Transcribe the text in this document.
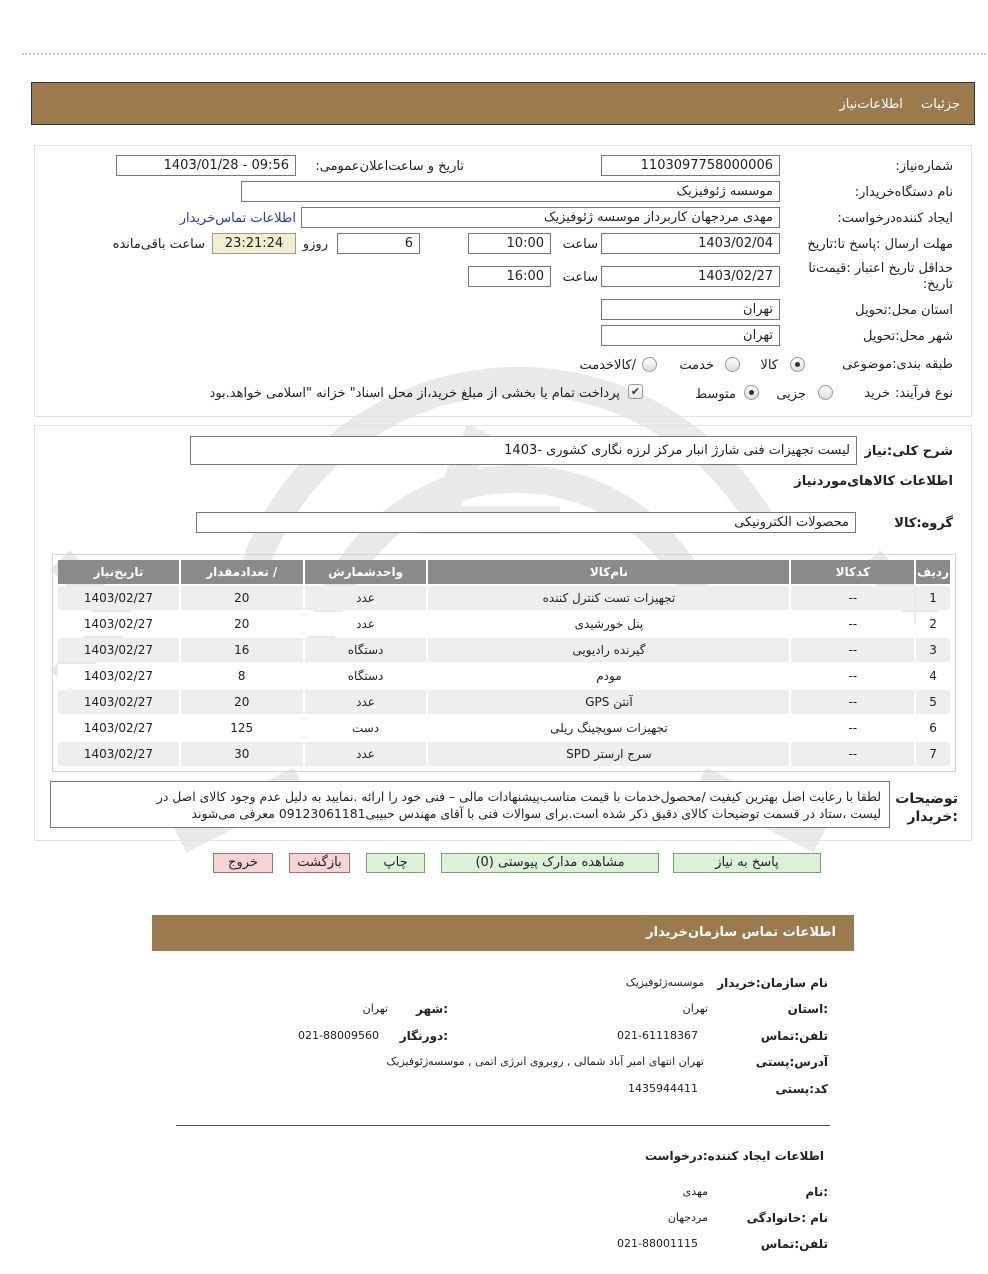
جزئیات اطلاعات‌نیاز
شماره‌نیاز:
1103097758000006
تاریخ و ساعت‌اعلان‌عمومی:
1403/01/28 - 09:56
نام دستگاه‌خریدار:
موسسه ژئوفیزیک
ایجاد کننده‌درخواست:
مهدی مردجهان کاربرداز موسسه ژئوفیزیک
اطلاعات تماس‌خریدار
مهلت ارسال :پاسخ تا:تاریخ
1403/02/04
ساعت
10:00
6
روزو
23:21:24
ساعت باقی‌مانده
حداقل تاریخ اعتبار :قیمت‌تا تاریخ:
1403/02/27
ساعت
16:00
استان محل:تحویل
تهران
شهر محل:تحویل
تهران
طبقه بندی:موضوعی
کالا
خدمت
/کالاخدمت
نوع فرآیند:
خرید
جزیی
متوسط
✔
پرداخت تمام یا بخشی از مبلغ خرید،از محل اسناد" خزانه "اسلامی خواهد.بود
شرح کلی:نیاز
لیست تجهیزات فنی شارژ انبار مرکز لرزه نگاری کشوری -1403
اطلاعات کالاهای‌موردنیاز
گروه:کالا
محصولات الکترونیکی
ردیف	کدکالا	نام‌کالا	واحدشمارش	/ تعدادمقدار	تاریخ‌نیاز
1	--	تجهیزات تست کنترل کننده	عدد	20	1403/02/27
2	--	پنل خورشیدی	عدد	20	1403/02/27
3	--	گیرنده رادیویی	دستگاه	16	1403/02/27
4	--	مودم	دستگاه	8	1403/02/27
5	--	آنتن GPS	عدد	20	1403/02/27
6	--	تجهیزات سوپچینگ ریلی	دست	125	1403/02/27
7	--	سرج ارستر SPD	عدد	30	1403/02/27
توضیحات
:خریدار
لطفا با رعایت اصل بهترین کیفیت /محصول‌خدمات با قیمت مناسب‌پیشنهادات مالی – فنی خود را ارائه .نمایید به دلیل عدم وجود کالای اصل در
لیست ،ستاد در قسمت توضیحات کالای دقیق ذکر شده است.برای سوالات فنی با آقای مهندس حبیبی09123061181 معرفی می‌شوند
پاسخ به نیاز
مشاهده مدارک پیوستی (0)
چاپ
بازگشت
خروج
اطلاعات تماس سازمان‌خریدار
نام سازمان:خریدار
موسسه‌ژئوفیزیک
:استان
تهران
:شهر
تهران
تلفن:تماس
021-61118367
:دورنگار
021-88009560
آدرس:پستی
تهران انتهای امیر آباد شمالی , روبروی انرژی اتمی , موسسه‌ژئوفیزیک
کد:پستی
1435944411
اطلاعات ایجاد کننده:درخواست
:نام
مهدی
نام :خانوادگی
مردجهان
تلفن:تماس
021-88001115
